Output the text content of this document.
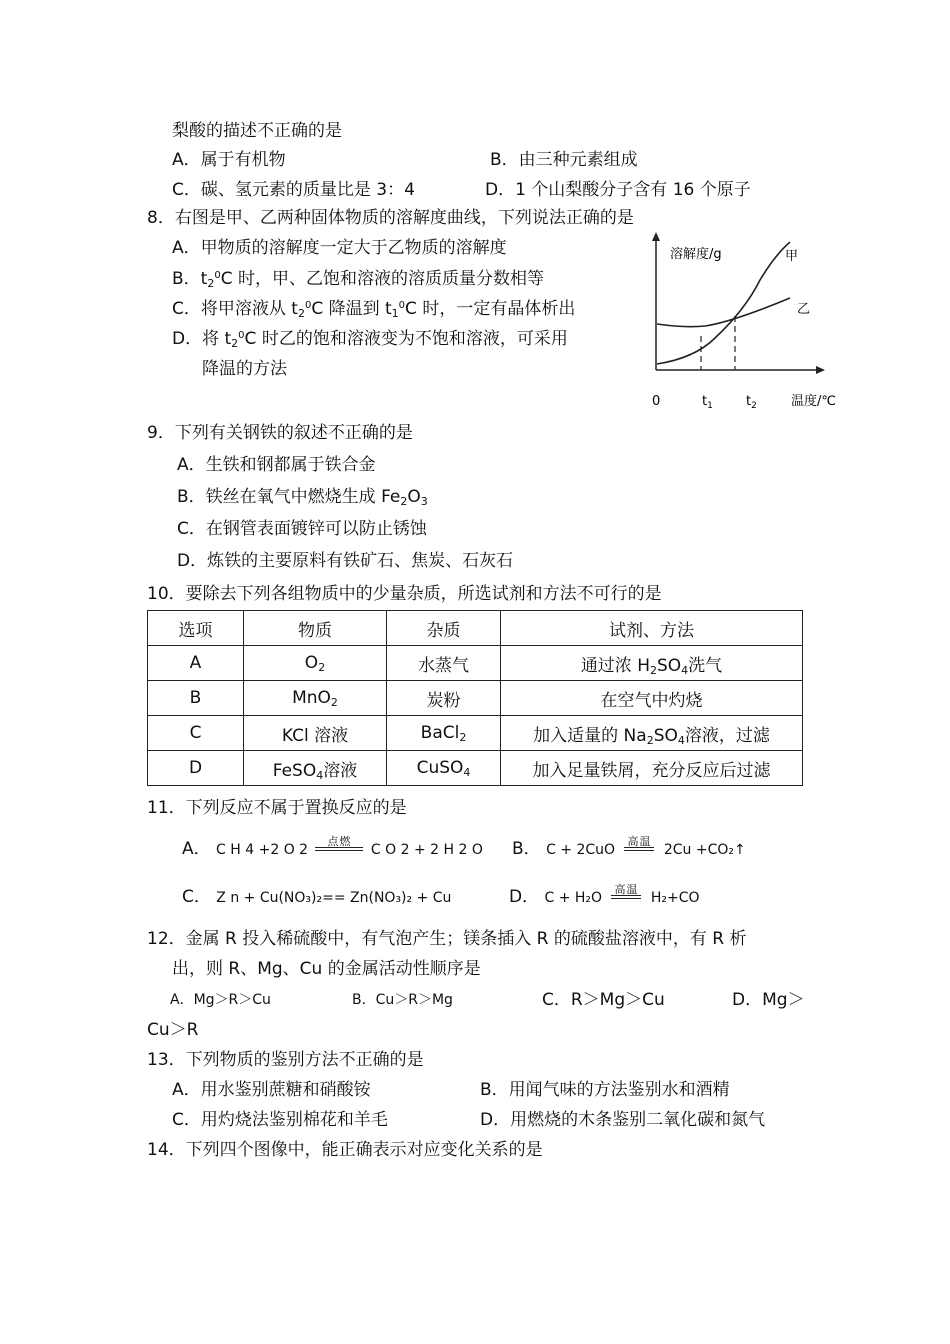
梨酸的描述不正确的是
A．属于有机物	B．由三种元素组成
C．碳、氢元素的质量比是 3：4	D．1 个山梨酸分子含有 16 个原子
8．右图是甲、乙两种固体物质的溶解度曲线，下列说法正确的是
A．甲物质的溶解度一定大于乙物质的溶解度
B．$t_2^0C$ 时，甲、乙饱和溶液的溶质质量分数相等
C．将甲溶液从 $t_2^0C$ 降温到 $t_1^0C$ 时，一定有晶体析出
D．将 $t_2^0C$ 时乙的饱和溶液变为不饱和溶液，可采用
降温的方法
溶解度/g	甲
乙
0	$t_1$	$t_2$	温度/℃
9．下列有关钢铁的叙述不正确的是
A．生铁和钢都属于铁合金
B．铁丝在氧气中燃烧生成 $Fe_2O_3$
C．在钢管表面镀锌可以防止锈蚀
D．炼铁的主要原料有铁矿石、焦炭、石灰石
10．要除去下列各组物质中的少量杂质，所选试剂和方法不可行的是
选项	物质	杂质	试剂、方法
A	$O_2$	水蒸气	通过浓 $H_2SO_4$洗气
B	MnO$_2$	炭粉	在空气中灼烧
C	KCl 溶液	BaCl$_2$	加入适量的 $Na_2SO_4$溶液，过滤
D	FeSO$_4$溶液	CuSO$_4$	加入足量铁屑，充分反应后过滤
11．下列反应不属于置换反应的是
A． C H 4 +2 O 2
点燃
C O 2 + 2 H 2 O B． C + 2CuO
高温
2Cu +CO₂↑
C． Z n + Cu(NO₃)₂== Zn(NO₃)₂ + Cu	D． C + H₂O
高温
H₂+CO
12．金属 R 投入稀硫酸中，有气泡产生；镁条插入 R 的硫酸盐溶液中，有 R 析
出，则 R、Mg、Cu 的金属活动性顺序是
A．Mg＞R＞Cu	B．Cu＞R＞Mg	C．R＞Mg＞Cu	D．Mg＞
Cu＞R
13．下列物质的鉴别方法不正确的是
A．用水鉴别蔗糖和硝酸铵	B．用闻气味的方法鉴别水和酒精
C．用灼烧法鉴别棉花和羊毛	D．用燃烧的木条鉴别二氧化碳和氮气
14．下列四个图像中，能正确表示对应变化关系的是
